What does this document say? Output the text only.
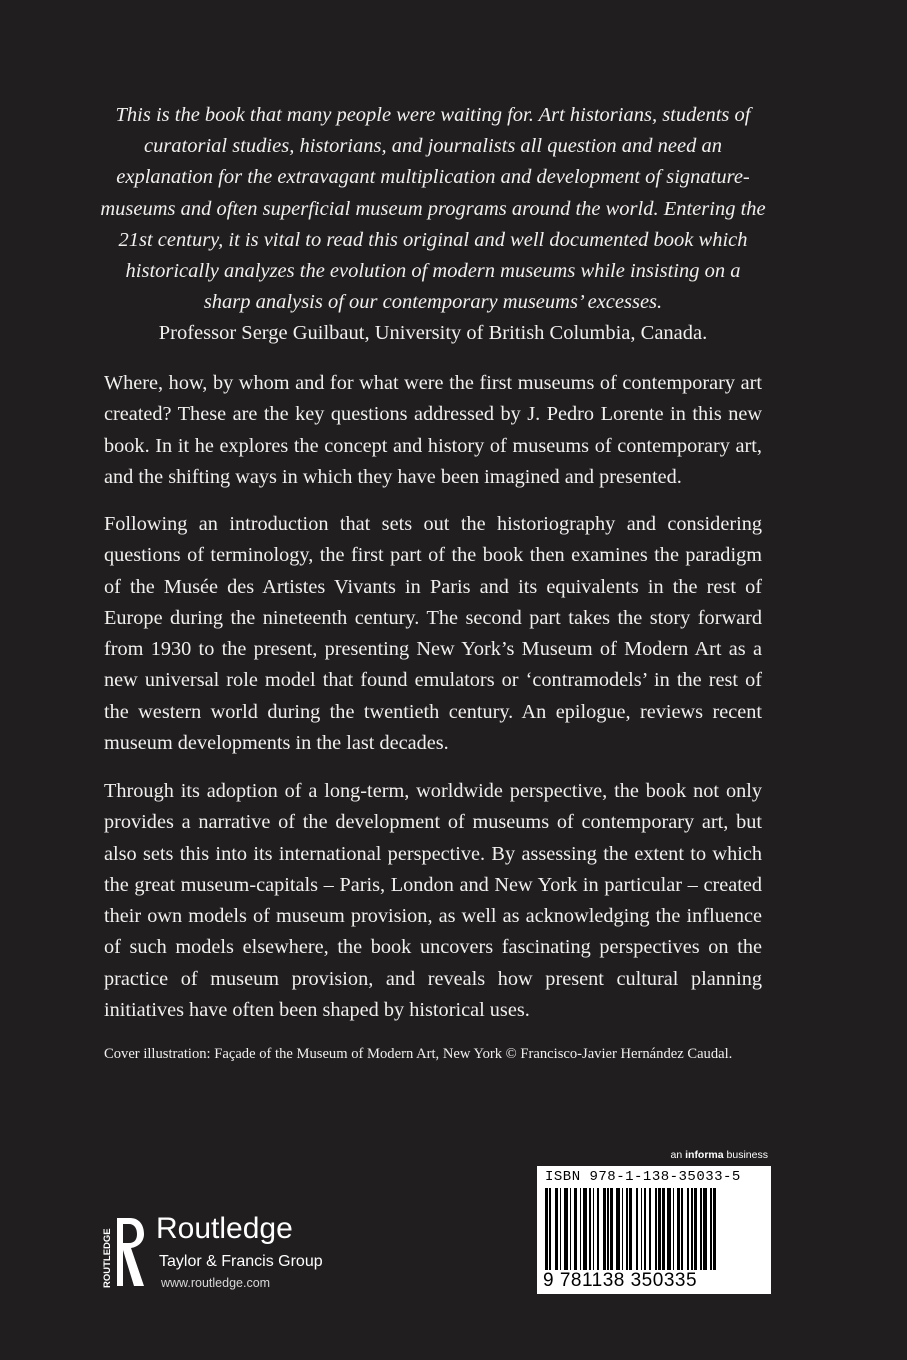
This is the book that many people were waiting for. Art historians, students of curatorial studies, historians, and journalists all question and need an explanation for the extravagant multiplication and development of signature-museums and often superficial museum programs around the world. Entering the 21st century, it is vital to read this original and well documented book which historically analyzes the evolution of modern museums while insisting on a sharp analysis of our contemporary museums’ excesses.
Professor Serge Guilbaut, University of British Columbia, Canada.

Where, how, by whom and for what were the first museums of contemporary art created? These are the key questions addressed by J. Pedro Lorente in this new book. In it he explores the concept and history of museums of contemporary art, and the shifting ways in which they have been imagined and presented.

Following an introduction that sets out the historiography and considering questions of terminology, the first part of the book then examines the paradigm of the Musée des Artistes Vivants in Paris and its equivalents in the rest of Europe during the nineteenth century. The second part takes the story forward from 1930 to the present, presenting New York’s Museum of Modern Art as a new universal role model that found emulators or ‘contramodels’ in the rest of the western world during the twentieth century. An epilogue, reviews recent museum developments in the last decades.

Through its adoption of a long-term, worldwide perspective, the book not only provides a narrative of the development of museums of contemporary art, but also sets this into its international perspective. By assessing the extent to which the great museum-capitals – Paris, London and New York in particular – created their own models of museum provision, as well as acknowledging the influence of such models elsewhere, the book uncovers fascinating perspectives on the practice of museum provision, and reveals how present cultural planning initiatives have often been shaped by historical uses.

Cover illustration: Façade of the Museum of Modern Art, New York © Francisco-Javier Hernández Caudal.
an informa business
ISBN 978-1-138-35033-5
9 781138 350335
ROUTLEDGE Routledge
Taylor & Francis Group
www.routledge.com
